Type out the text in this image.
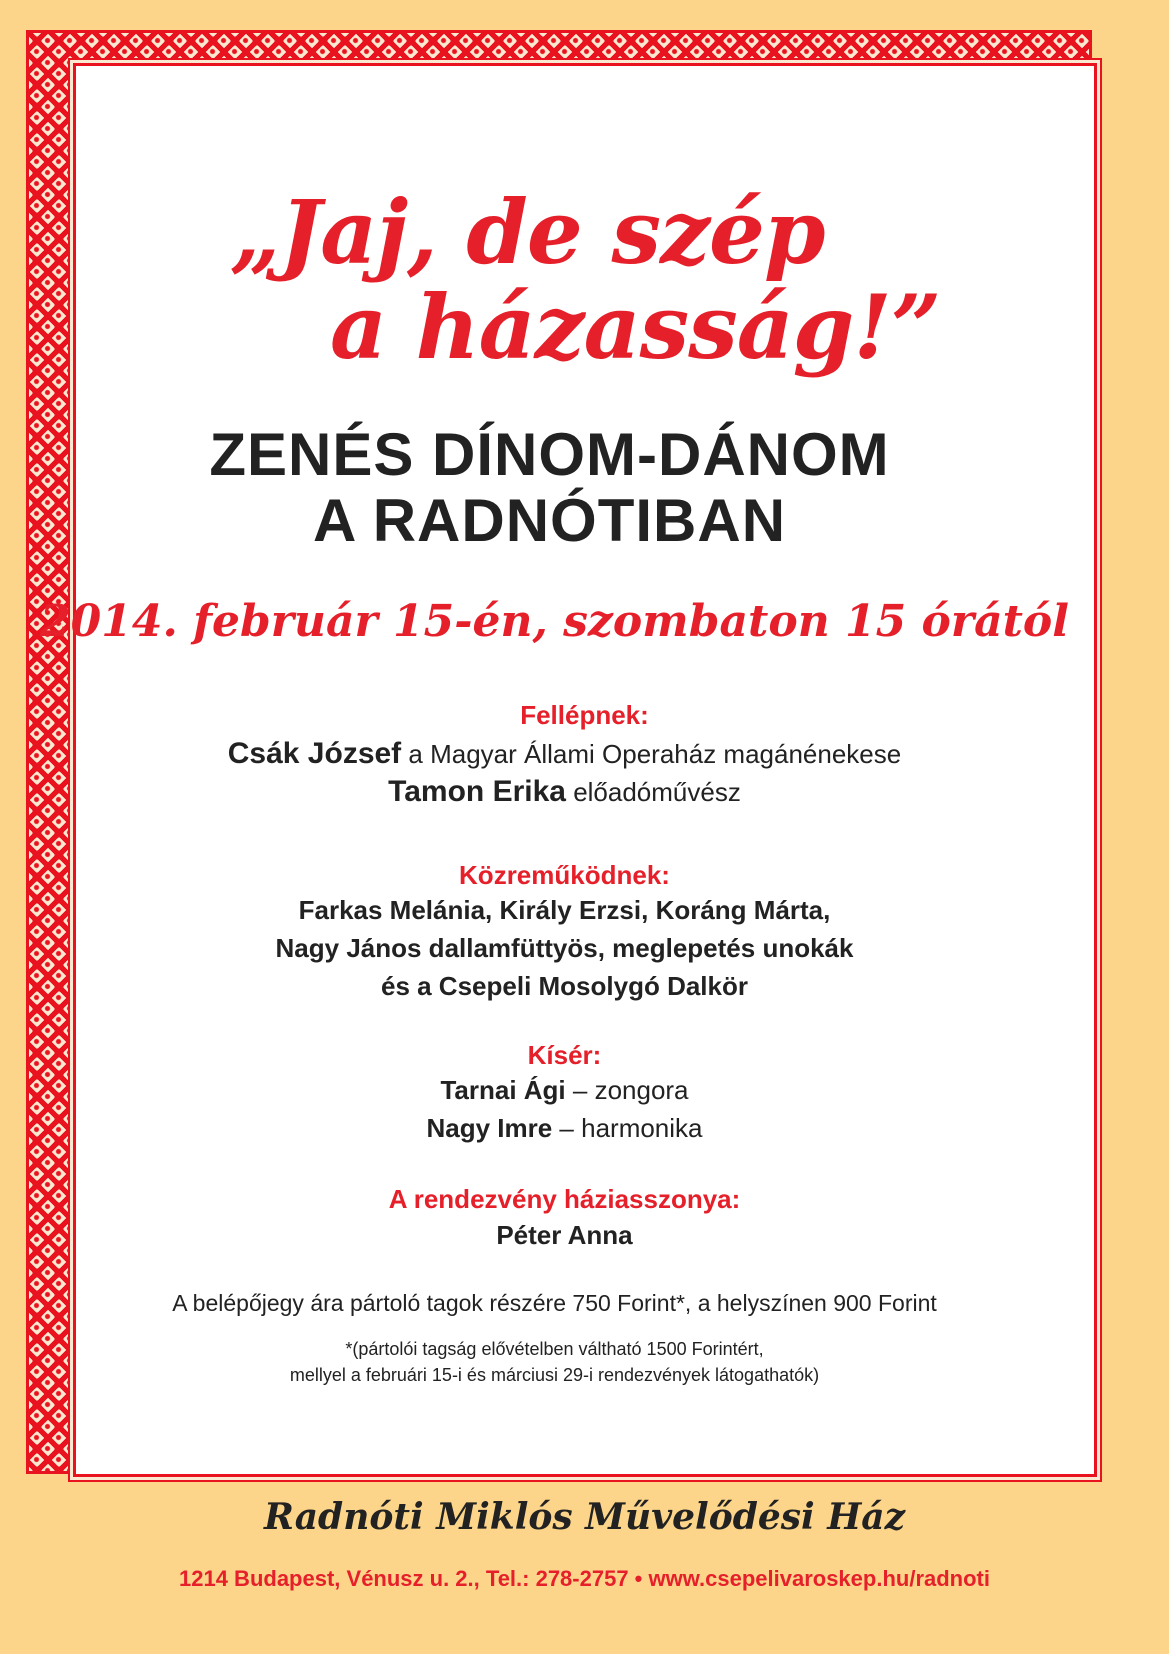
„Jaj, de szép
a házasság!”
ZENÉS DÍNOM-DÁNOM
A RADNÓTIBAN
2014. február 15-én, szombaton 15 órától
Fellépnek:
Csák József a Magyar Állami Operaház magánénekese
Tamon Erika előadóművész
Közreműködnek:
Farkas Melánia, Király Erzsi, Koráng Márta,
Nagy János dallamfüttyös, meglepetés unokák
és a Csepeli Mosolygó Dalkör
Kísér:
Tarnai Ági – zongora
Nagy Imre – harmonika
A rendezvény háziasszonya:
Péter Anna
A belépőjegy ára pártoló tagok részére 750 Forint*, a helyszínen 900 Forint
*(pártolói tagság elővételben váltható 1500 Forintért,
mellyel a februári 15-i és márciusi 29-i rendezvények látogathatók)
Radnóti Miklós Művelődési Ház
1214 Budapest, Vénusz u. 2., Tel.: 278-2757 • www.csepelivaroskep.hu/radnoti
